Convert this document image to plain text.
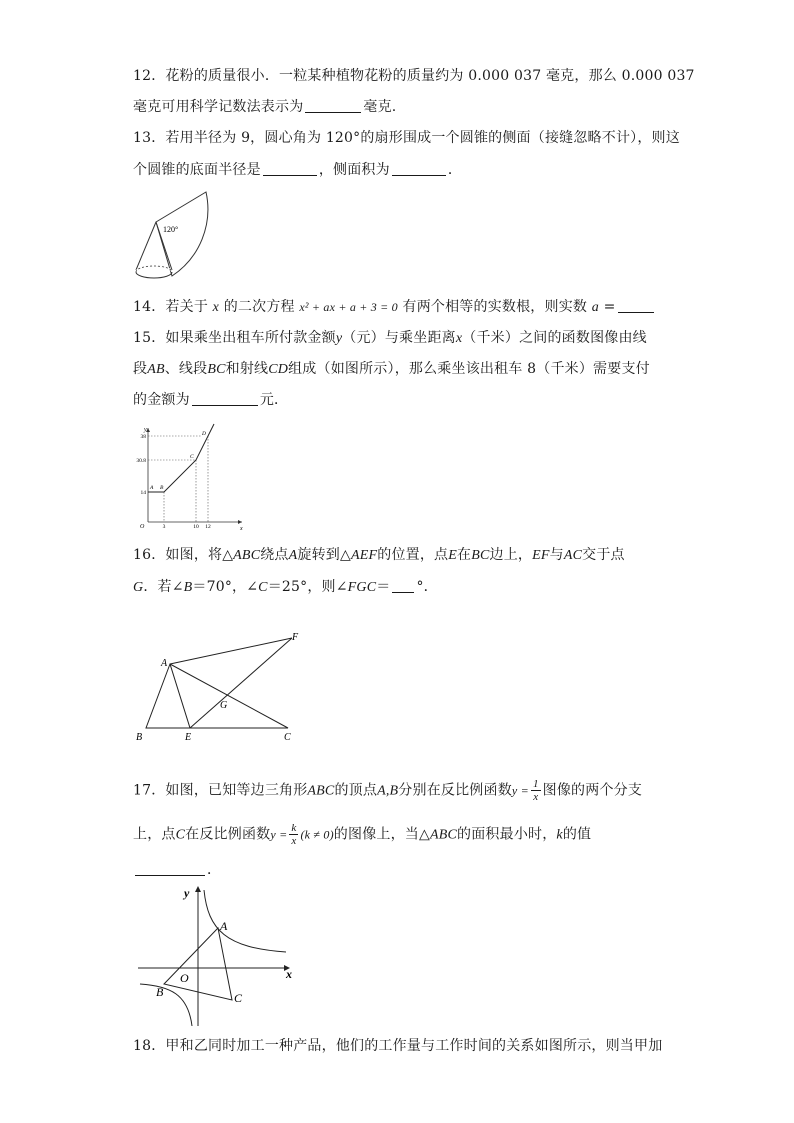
12．花粉的质量很小．一粒某种植物花粉的质量约为 0.000 037 毫克，那么 0.000 037
毫克可用科学记数法表示为	毫克.
13．若用半径为 9，圆心角为 120°的扇形围成一个圆锥的侧面（接缝忽略不计），则这
个圆锥的底面半径是	，侧面积为	．
120°
14．若关于 x 的二次方程 x² + ax + a + 3 = 0 有两个相等的实数根，则实数 a =
15．如果乘坐出租车所付款金额y（元）与乘坐距离x（千米）之间的函数图像由线
段AB、线段BC和射线CD组成（如图所示），那么乘坐该出租车 8（千米）需要支付
的金额为	元．
y
x
O
38
30.8
14
3	10 12
A B
C
D
16．如图，将△ABC绕点A旋转到△AEF的位置，点E在BC边上，EF与AC交于点
G．若∠B＝70°，∠C＝25°，则∠FGC＝ °．
A
B	C
E
F
G
17．如图，已知等边三角形ABC的顶点A,B分别在反比例函数$y = \frac{1}{x}$ 图像的两个分支
上，点C在反比例函数$y = \frac{k}{x} (k \ne 0)$的图像上，当△ABC的面积最小时，k的值
．
y
x
O
A
B	C
18．甲和乙同时加工一种产品，他们的工作量与工作时间的关系如图所示，则当甲加
